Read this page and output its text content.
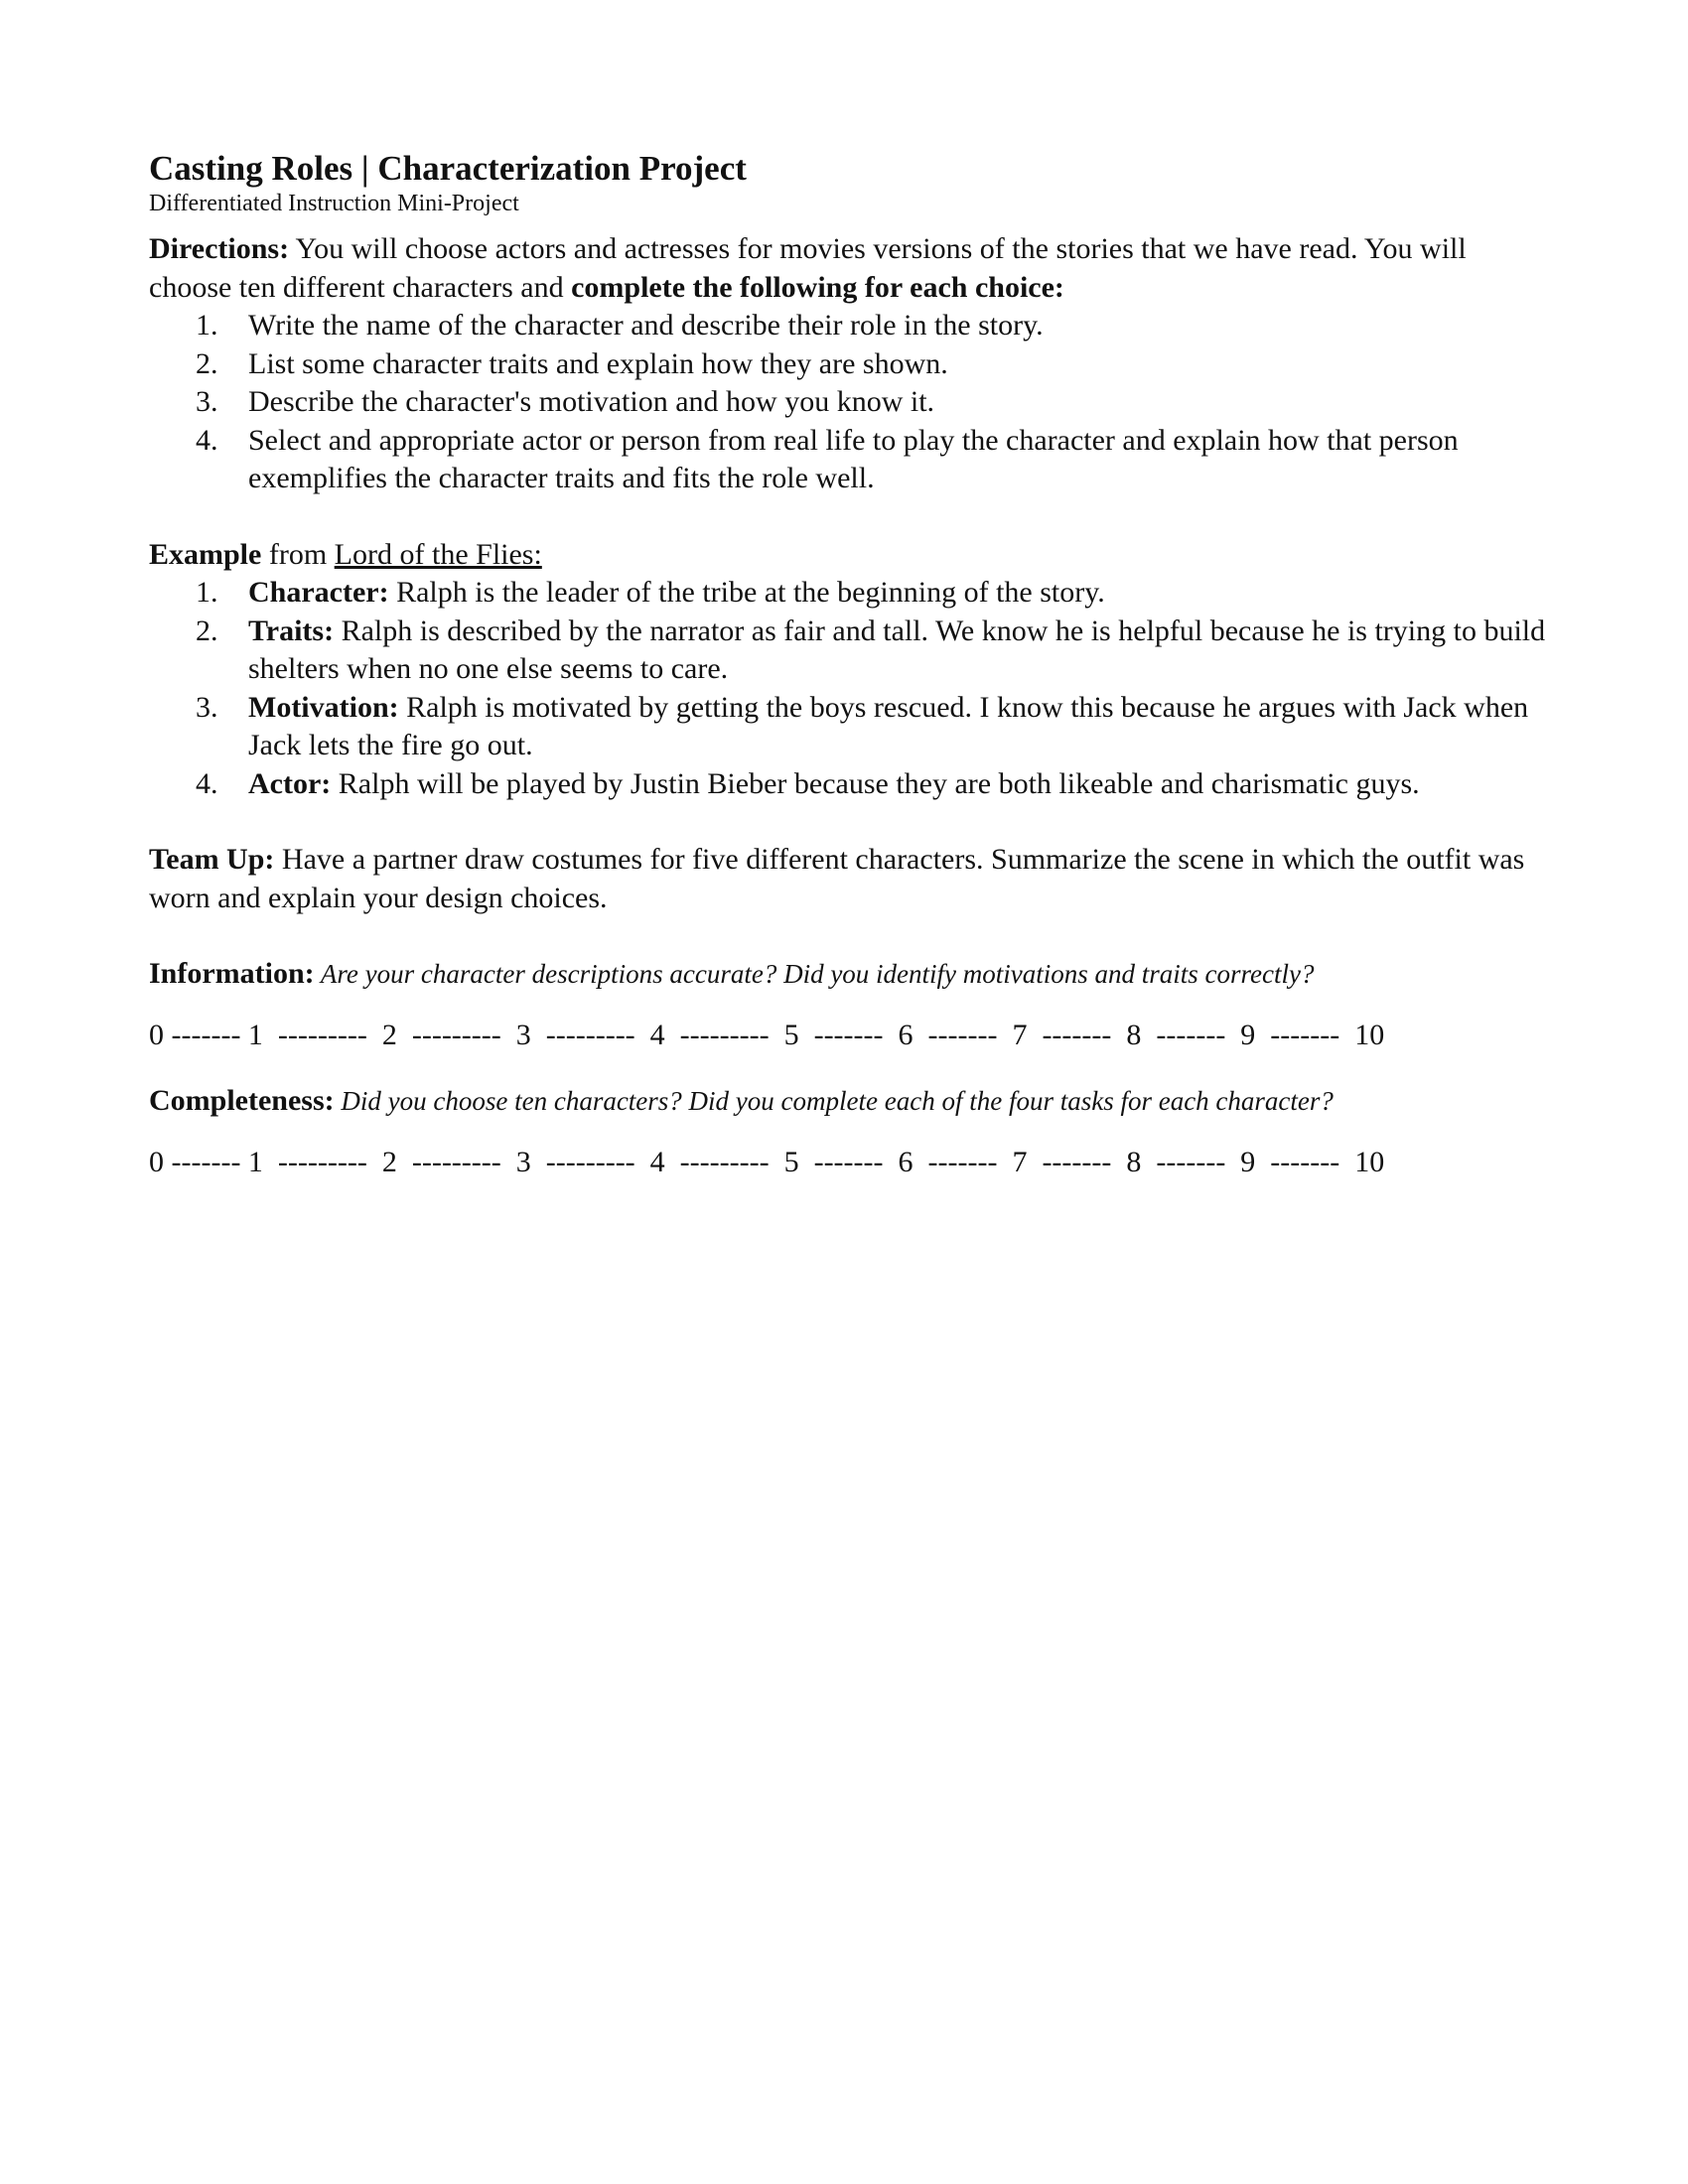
Casting Roles | Characterization Project
Differentiated Instruction Mini-Project

Directions: You will choose actors and actresses for movies versions of the stories that we have read. You will choose ten different characters and complete the following for each choice:

1. Write the name of the character and describe their role in the story.
2. List some character traits and explain how they are shown.
3. Describe the character's motivation and how you know it.
4. Select and appropriate actor or person from real life to play the character and explain how that person exemplifies the character traits and fits the role well.

Example from Lord of the Flies:

1. Character: Ralph is the leader of the tribe at the beginning of the story.
2. Traits: Ralph is described by the narrator as fair and tall. We know he is helpful because he is trying to build shelters when no one else seems to care.
3. Motivation: Ralph is motivated by getting the boys rescued. I know this because he argues with Jack when Jack lets the fire go out.
4. Actor: Ralph will be played by Justin Bieber because they are both likeable and charismatic guys.

Team Up: Have a partner draw costumes for five different characters. Summarize the scene in which the outfit was worn and explain your design choices.

Information: Are your character descriptions accurate? Did you identify motivations and traits correctly?

0 ------- 1  ---------  2  ---------  3  ---------  4  ---------  5  -------  6  -------  7  -------  8  -------  9  -------  10

Completeness: Did you choose ten characters? Did you complete each of the four tasks for each character?

0 ------- 1  ---------  2  ---------  3  ---------  4  ---------  5  -------  6  -------  7  -------  8  -------  9  -------  10
